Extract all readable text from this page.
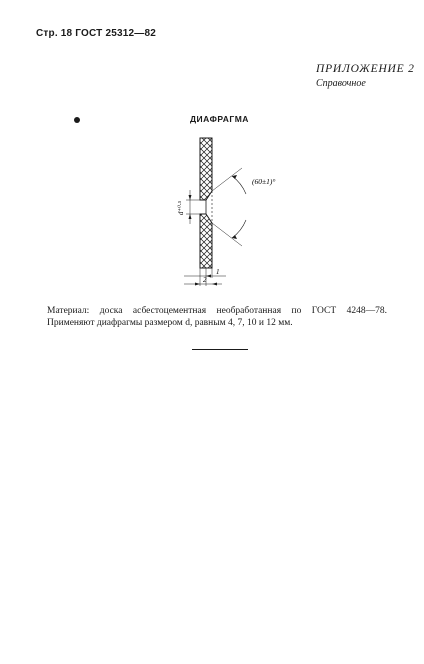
Стр. 18 ГОСТ 25312—82
ПРИЛОЖЕНИЕ 2
Справочное
ДИАФРАГМА
d⁺⁰·⁵
(60±1)°
1
2
Материал: доска асбестоцементная необработанная по ГОСТ 4248—78. Применяют диафрагмы размером d, равным 4, 7, 10 и 12 мм.
